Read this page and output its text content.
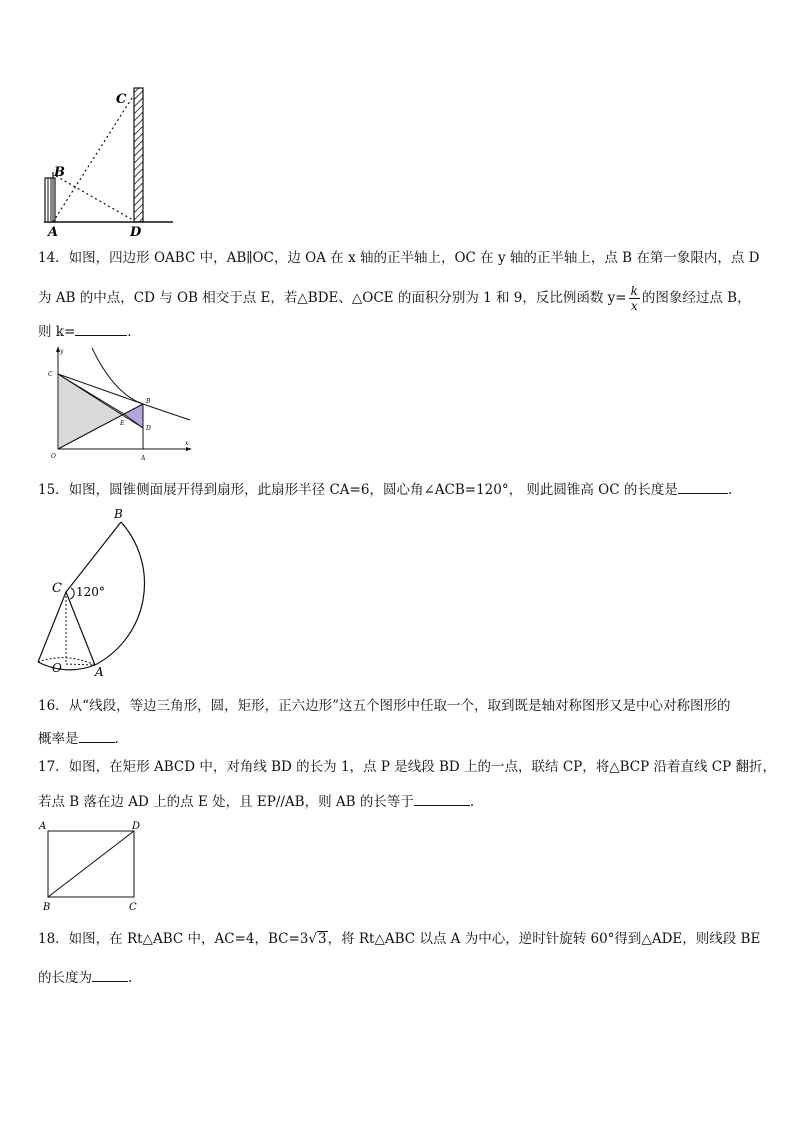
C
B
A	D
14．如图，四边形 OABC 中，AB∥OC，边 OA 在 x 轴的正半轴上，OC 在 y 轴的正半轴上，点 B 在第一象限内，点 D
为 AB 的中点，CD 与 OB 相交于点 E，若△BDE、△OCE 的面积分别为 1 和 9，反比例函数 $y= \frac{k}{x}$ 的图象经过点 B，
则 k=	.
y
x
C
B
E
D
O	A
15．如图，圆锥侧面展开得到扇形，此扇形半径 CA=6，圆心角∠ACB=120°， 则此圆锥高 OC 的长度是	.
B
C 120°
O	A
16．从“线段，等边三角形，圆，矩形，正六边形”这五个图形中任取一个，取到既是轴对称图形又是中心对称图形的
概率是	.
17．如图，在矩形 ABCD 中，对角线 BD 的长为 1，点 P 是线段 BD 上的一点，联结 CP，将△BCP 沿着直线 CP 翻折，
若点 B 落在边 AD 上的点 E 处，且 EP//AB，则 AB 的长等于	.
A	D
B	C
18．如图，在 Rt△ABC 中，AC=4，BC=3√3，将 Rt△ABC 以点 A 为中心，逆时针旋转 60°得到△ADE，则线段 BE
的长度为	.
